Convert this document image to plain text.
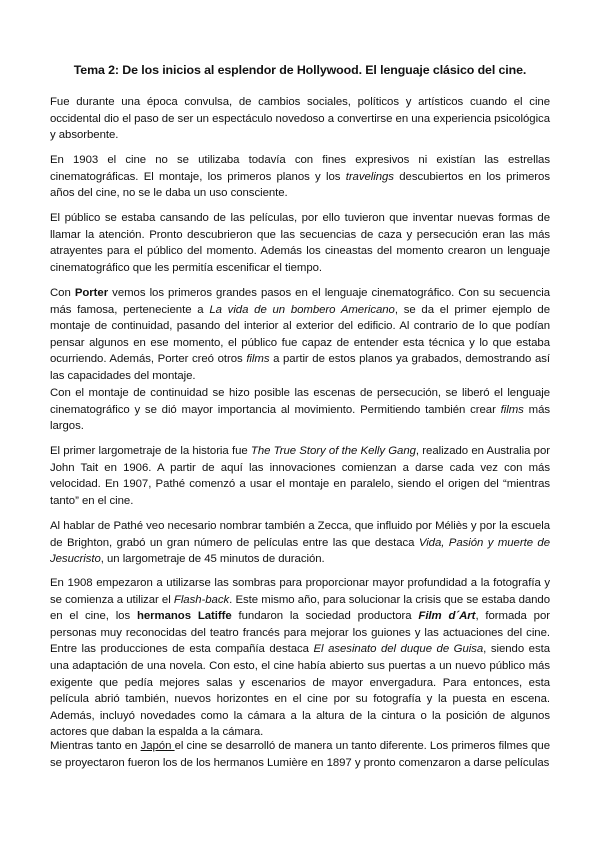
Tema 2: De los inicios al esplendor de Hollywood. El lenguaje clásico del cine.

Fue durante una época convulsa, de cambios sociales, políticos y artísticos cuando el cine occidental dio el paso de ser un espectáculo novedoso a convertirse en una experiencia psicológica y absorbente.

En 1903 el cine no se utilizaba todavía con fines expresivos ni existían las estrellas cinematográficas. El montaje, los primeros planos y los travelings descubiertos en los primeros años del cine, no se le daba un uso consciente.

El público se estaba cansando de las películas, por ello tuvieron que inventar nuevas formas de llamar la atención. Pronto descubrieron que las secuencias de caza y persecución eran las más atrayentes para el público del momento. Además los cineastas del momento crearon un lenguaje cinematográfico que les permitía escenificar el tiempo.

Con Porter vemos los primeros grandes pasos en el lenguaje cinematográfico. Con su secuencia más famosa, perteneciente a La vida de un bombero Americano, se da el primer ejemplo de montaje de continuidad, pasando del interior al exterior del edificio. Al contrario de lo que podían pensar algunos en ese momento, el público fue capaz de entender esta técnica y lo que estaba ocurriendo. Además, Porter creó otros films a partir de estos planos ya grabados, demostrando así las capacidades del montaje.

Con el montaje de continuidad se hizo posible las escenas de persecución, se liberó el lenguaje cinematográfico y se dió mayor importancia al movimiento. Permitiendo también crear films más largos.

El primer largometraje de la historia fue The True Story of the Kelly Gang, realizado en Australia por John Tait en 1906. A partir de aquí las innovaciones comienzan a darse cada vez con más velocidad. En 1907, Pathé comenzó a usar el montaje en paralelo, siendo el origen del “mientras tanto” en el cine.

Al hablar de Pathé veo necesario nombrar también a Zecca, que influido por Méliès y por la escuela de Brighton, grabó un gran número de películas entre las que destaca Vida, Pasión y muerte de Jesucristo, un largometraje de 45 minutos de duración.

En 1908 empezaron a utilizarse las sombras para proporcionar mayor profundidad a la fotografía y se comienza a utilizar el Flash-back. Este mismo año, para solucionar la crisis que se estaba dando en el cine, los hermanos Latiffe fundaron la sociedad productora Film d´Art, formada por personas muy reconocidas del teatro francés para mejorar los guiones y las actuaciones del cine. Entre las producciones de esta compañía destaca El asesinato del duque de Guisa, siendo esta una adaptación de una novela. Con esto, el cine había abierto sus puertas a un nuevo público más exigente que pedía mejores salas y escenarios de mayor envergadura. Para entonces, esta película abrió también, nuevos horizontes en el cine por su fotografía y la puesta en escena. Además, incluyó novedades como la cámara a la altura de la cintura o la posición de algunos actores que daban la espalda a la cámara.

Mientras tanto en Japón el cine se desarrolló de manera un tanto diferente. Los primeros filmes que se proyectaron fueron los de los hermanos Lumière en 1897 y pronto comenzaron a darse películas
